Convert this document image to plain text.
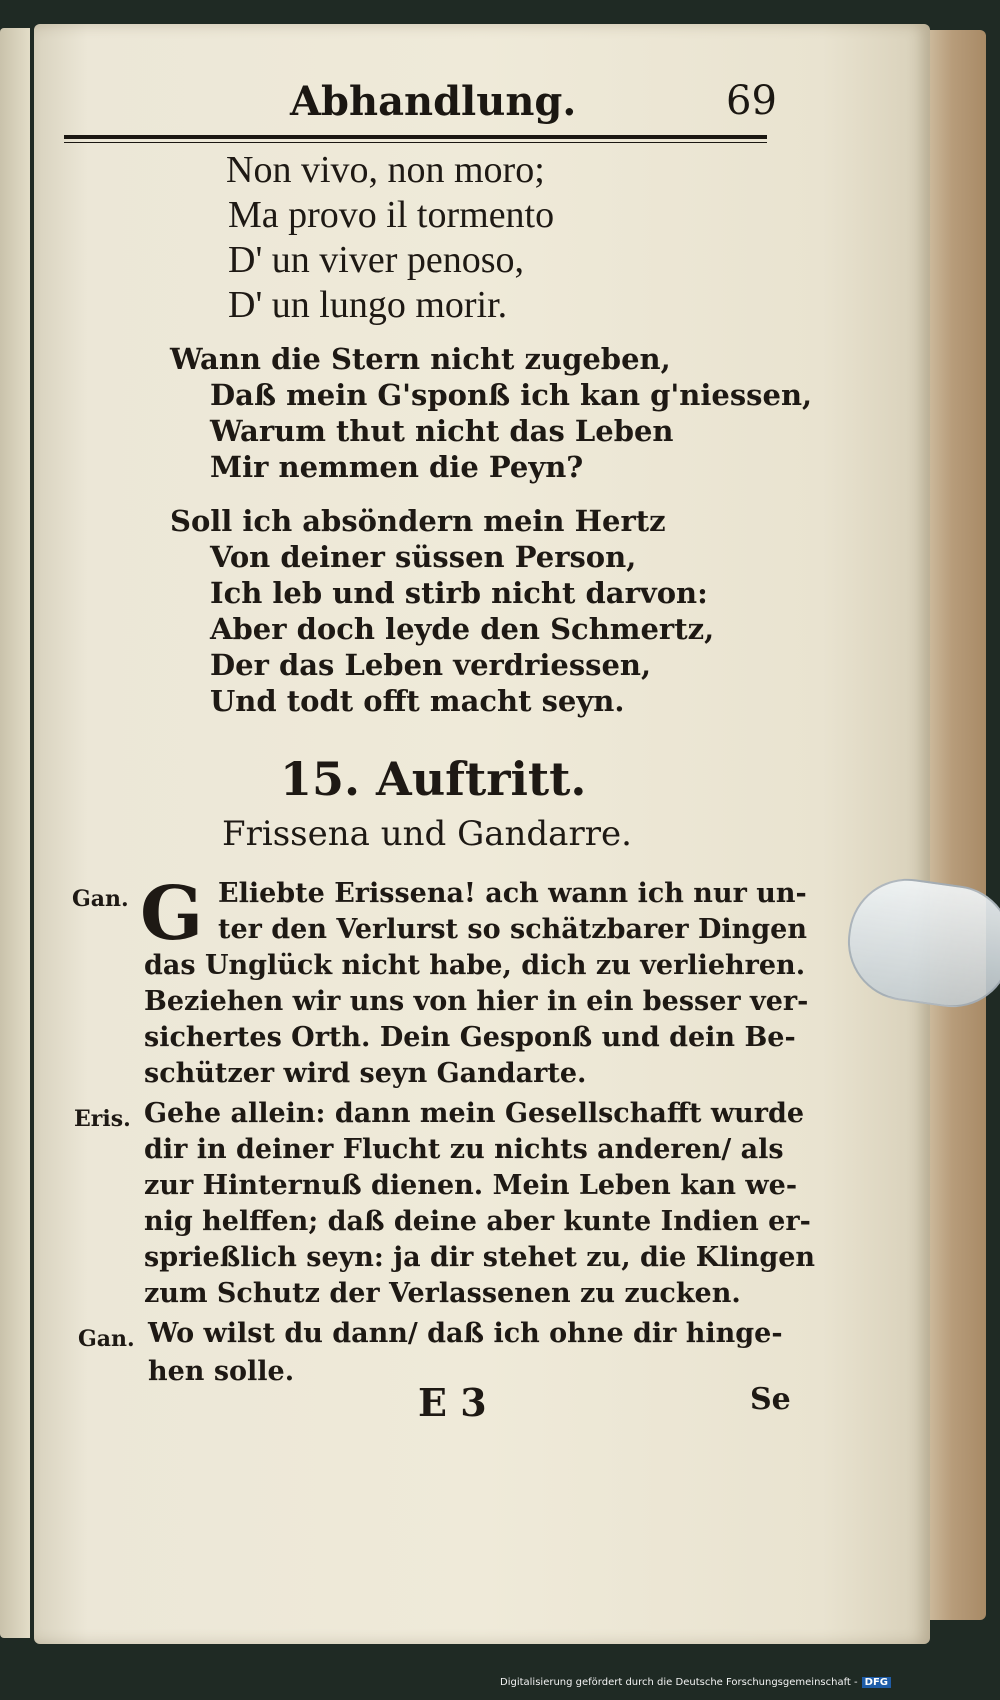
Abhandlung.	69
Non vivo, non moro;
Ma provo il tormento
D' un viver penoso,
D' un lungo morir.
Wann die Stern nicht zugeben,
Daß mein G'sponß ich kan g'niessen,
Warum thut nicht das Leben
Mir nemmen die Peyn?
Soll ich absöndern mein Hertz
Von deiner süssen Person,
Ich leb und stirb nicht darvon:
Aber doch leyde den Schmertz,
Der das Leben verdriessen,
Und todt offt macht seyn.
15. Auftritt.
Frissena und Gandarre.
Gan. G Eliebte Erissena! ach wann ich nur un-
ter den Verlurst so schätzbarer Dingen
das Unglück nicht habe, dich zu verliehren.
Beziehen wir uns von hier in ein besser ver-
sichertes Orth. Dein Gesponß und dein Be-
schützer wird seyn Gandarte.
Eris. Gehe allein: dann mein Gesellschafft wurde
dir in deiner Flucht zu nichts anderen/ als
zur Hinternuß dienen. Mein Leben kan we-
nig helffen; daß deine aber kunte Indien er-
sprießlich seyn: ja dir stehet zu, die Klingen
zum Schutz der Verlassenen zu zucken.
Gan. Wo wilst du dann/ daß ich ohne dir hinge-
hen solle.
E 3	Se
Digitalisierung gefördert durch die Deutsche Forschungsgemeinschaft - DFG
